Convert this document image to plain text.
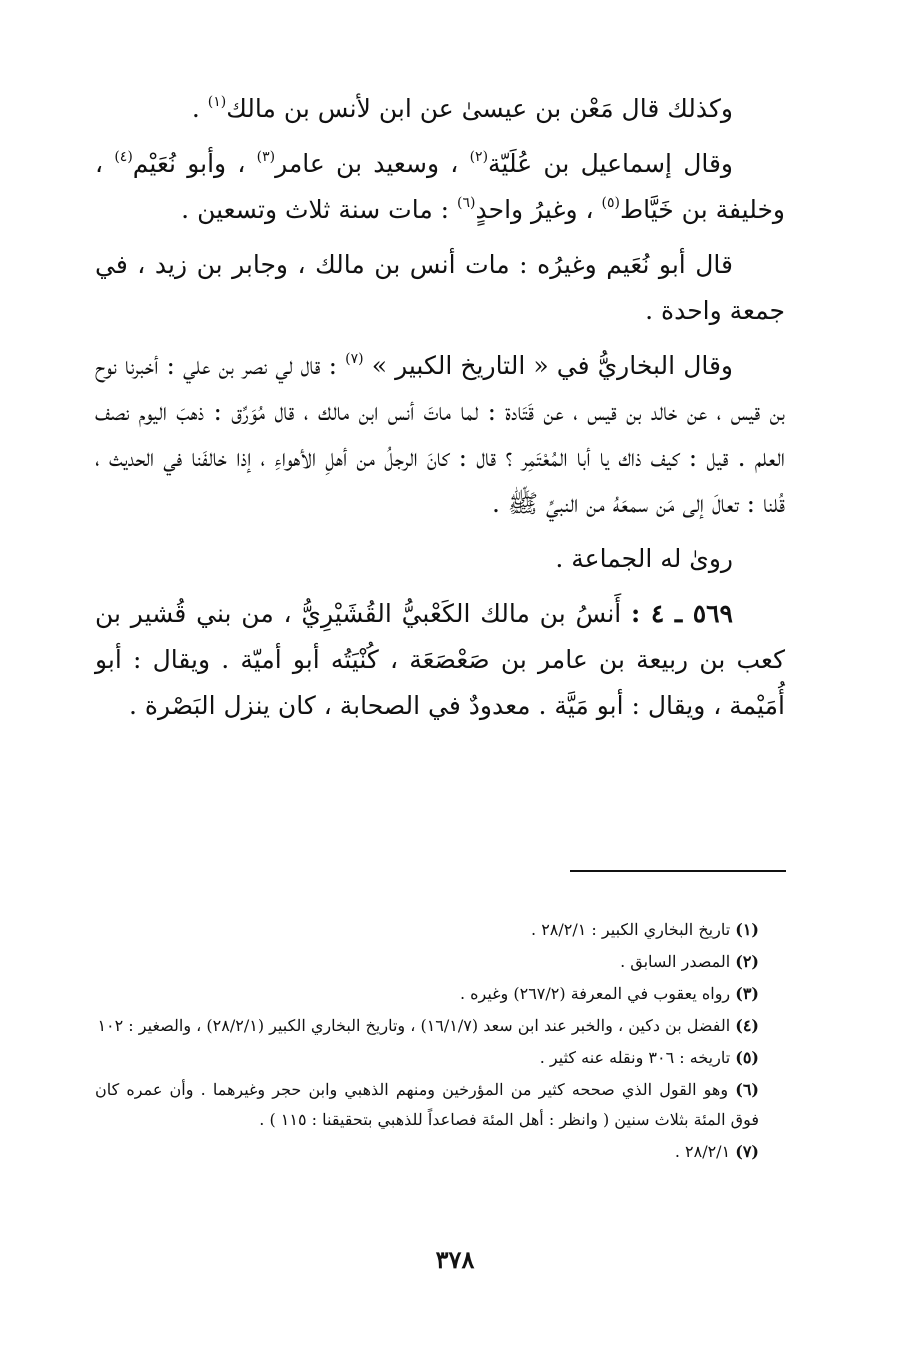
وكذلك قال مَعْن بن عيسىٰ عن ابن لأنس بن مالك$^{(١)}$ .

وقال إسماعيل بن عُلَيّة$^{(٢)}$ ، وسعيد بن عامر$^{(٣)}$ ، وأبو نُعَيْم$^{(٤)}$ ، وخليفة بن خَيَّاط$^{(٥)}$ ، وغيرُ واحدٍ$^{(٦)}$ : مات سنة ثلاث وتسعين .

قال أبو نُعَيم وغيرُه : مات أنس بن مالك ، وجابر بن زيد ، في جمعة واحدة .

وقال البخاريُّ في « التاريخ الكبير » $^{(٧)}$ : قال لي نصر بن علي : أخبرنا نوح بن قيس ، عن خالد بن قيس ، عن قَتَادة : لما ماتَ أنس ابن مالك ، قال مُوَرِّق : ذهبَ اليوم نصف العلم . قيل : كيف ذاك يا أبا المُعْتَمِر ؟ قال : كانَ الرجلُ من أهلِ الأهواءِ ، إذا خالفَنا في الحديث ، قُلنا : تعالَ إلى مَن سمعَهُ من النبيِّ ﷺ .

روىٰ له الجماعة .

٥٦٩ ـ ٤ : أَنسُ بن مالك الكَعْبيُّ القُشَيْرِيُّ ، من بني قُشير بن كعب بن ربيعة بن عامر بن صَعْصَعَة ، كُنْيَتُه أبو أميّة . ويقال : أبو أُمَيْمة ، ويقال : أبو مَيَّة . معدودٌ في الصحابة ، كان ينزل البَصْرة .

(١) تاريخ البخاري الكبير : ٢٨/٢/١ .
(٢) المصدر السابق .
(٣) رواه يعقوب في المعرفة (٢٦٧/٢) وغيره .
(٤) الفضل بن دكين ، والخبر عند ابن سعد (١٦/١/٧) ، وتاريخ البخاري الكبير (٢٨/٢/١) ، والصغير : ١٠٢
(٥) تاريخه : ٣٠٦ ونقله عنه كثير .
(٦) وهو القول الذي صححه كثير من المؤرخين ومنهم الذهبي وابن حجر وغيرهما . وأن عمره كان فوق المئة بثلاث سنين ( وانظر : أهل المئة فصاعداً للذهبي بتحقيقنا : ١١٥ ) .
(٧) ٢٨/٢/١ .
٣٧٨
